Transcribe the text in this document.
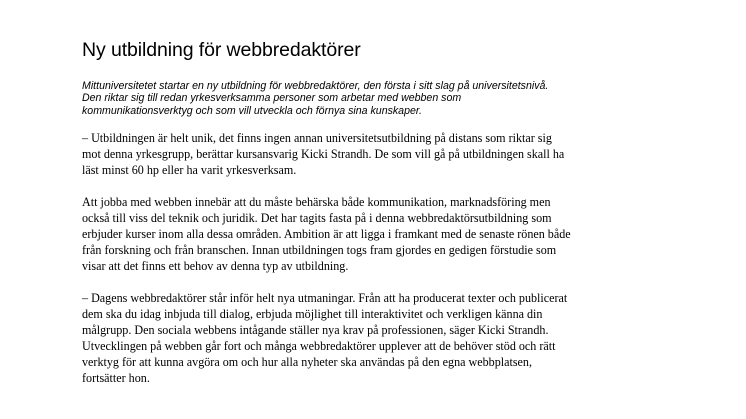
Ny utbildning för webbredaktörer

Mittuniversitetet startar en ny utbildning för webbredaktörer, den första i sitt slag på universitetsnivå.
Den riktar sig till redan yrkesverksamma personer som arbetar med webben som
kommunikationsverktyg och som vill utveckla och förnya sina kunskaper.

– Utbildningen är helt unik, det finns ingen annan universitetsutbildning på distans som riktar sig
mot denna yrkesgrupp, berättar kursansvarig Kicki Strandh. De som vill gå på utbildningen skall ha
läst minst 60 hp eller ha varit yrkesverksam.

Att jobba med webben innebär att du måste behärska både kommunikation, marknadsföring men
också till viss del teknik och juridik. Det har tagits fasta på i denna webbredaktörsutbildning som
erbjuder kurser inom alla dessa områden. Ambition är att ligga i framkant med de senaste rönen både
från forskning och från branschen. Innan utbildningen togs fram gjordes en gedigen förstudie som
visar att det finns ett behov av denna typ av utbildning.

– Dagens webbredaktörer står inför helt nya utmaningar. Från att ha producerat texter och publicerat
dem ska du idag inbjuda till dialog, erbjuda möjlighet till interaktivitet och verkligen känna din
målgrupp. Den sociala webbens intågande ställer nya krav på professionen, säger Kicki Strandh.
Utvecklingen på webben går fort och många webbredaktörer upplever att de behöver stöd och rätt
verktyg för att kunna avgöra om och hur alla nyheter ska användas på den egna webbplatsen,
fortsätter hon.
